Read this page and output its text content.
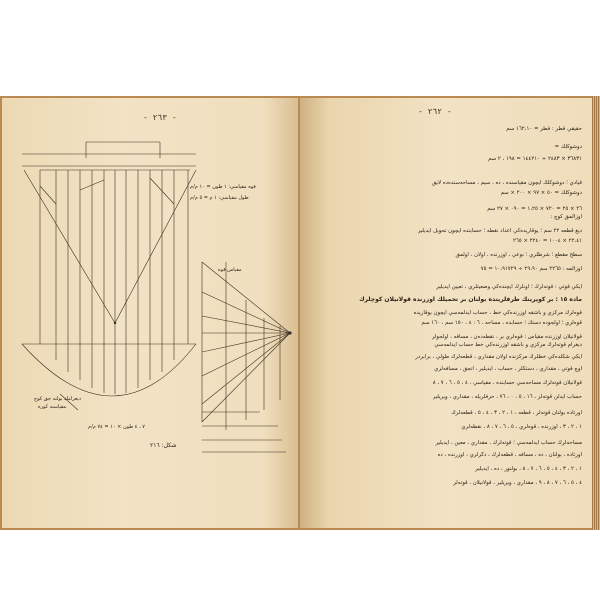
- ٢٦٣ -
- ٢٦٢ -
قوه مقياسي: ١ طون = ١٠ م/م
طول مقياسي: ١ م = ٥ م/م
مقياس قوه
ديغرامك بولنه جق كوچ
مقياسنه كوره
٧ ، ٤ طون × ١٠ = ٧٤ م/م
شكل: ٢١٦
حقيقي قطر : قطر = ١٦٢،١٠ سم
دوشوكلك =
٣٦٨٣١ × ٢٤٨٣ ÷ ١٤٤٢١٠ = ١٩٨ ، ٢ سم
قيادي ؛ دوشوكلك ايچون مقياسنده ، ده ، سيم ، مساحه‌سنده‌ده لايق
دوشوكلك = ٥٠ × ٩٧ × ٢٠٠ × سم
٢٦ × ٢٥ = ٧٢٠ × ١،٢٥ = ٠٩٠ × ٢٧ سم
اوزالمق كوچ :
ديغ قطعه ٢٢ سم ؛ يوقاريده‌كي اعداد نقطه ؛ حسابنده ايچون تحويل ايديلير
٢٢،٤١ × ١٠٠٤ = ٢٢٤٠ × ٢٦٥
سطح مقطع ؛ شرطلري ؛ نوعي ، اوزرنده ، اولان ، اولمق
اوزالمه : ٢٢٦٥ سم ٢٩،٩٠ ÷ ١٠،٩١٧٢٩ = ٧٥
ايكي قوتي : قوته‌لرك ؛ اونلرك ايچنده‌كي وضعيتلري ، تعيين ايديلير
ماده ١٥ : بر كوپرينك طرفلرينده بولنان بر تحميلك اوزرنده قولانيلان كوچلرك
قوه‌لرك مركزي و باشقه اوزرنده‌كي خط ، حساب ايدلمه‌سي ايچون يوقاريده
قوه‌لري ؛ اولجوده دستك ؛ حسابده ، مساحه ، ٦ : ٤ ، ١٥٠ سم ، ١٦٠ سم
قولانيلان اوزرنده مقياس : قوه‌لري بر ، نقطه‌ده‌ن ، مسافه ، اولجولر
ديغرام قوته‌لرك مركزي و باشقه اوزرنده‌كي خط حساب ايدلمه‌سي
ايكي شكلده‌كي خطلرك مركزنده اولان مقداري ، قطعه‌لرك طولي ، برابردر
اوچ قوتي ، مقداري ، دستكلر ، حساب ، ايديلير ، آنجق ، مسافه‌لري
قولانيلان قوته‌لرك مساحه‌سي حسابنده ، مقياسي ، ٤ ، ٥ ، ٦ ، ٧ ، ٨
حساب ايدلن قوته‌لر ، ١٦ ، ٥ ، ٠ ، ٧٦ ، حرفلريله ، مقداري ، ويريلير
اورتاده بولنان قوته‌لر ، قطعه ، ١ ، ٢ ، ٣ ، ٤ ، ٥ ، قطعه‌لرك
١ ، ٢ ، ٣ ، اوزرنده ، قوه‌لري ، ٥ ، ٦ ، ٧ ، ٨ ، نقطه‌لري
مساحه‌لرك حساب ايدلمه‌سي ؛ قوته‌لرك ، مقداري ، معين ، ايديلير
اورتاده ، بولنان ، ده ، مسافه ، قطعه‌لرك ، دگرلري ، اوزرنده ، ده
١ ، ٢ ، ٣ ، ٤ ، ٥ ، ٦ ، ٧ ، ٨ ، بولنور ، ده ، ايديلير
٤ ، ٥ ، ٦ ، ٧ ، ٨ ، ٩ ، مقداري ، ويريلير ، قولانيلان ، قوته‌لر
